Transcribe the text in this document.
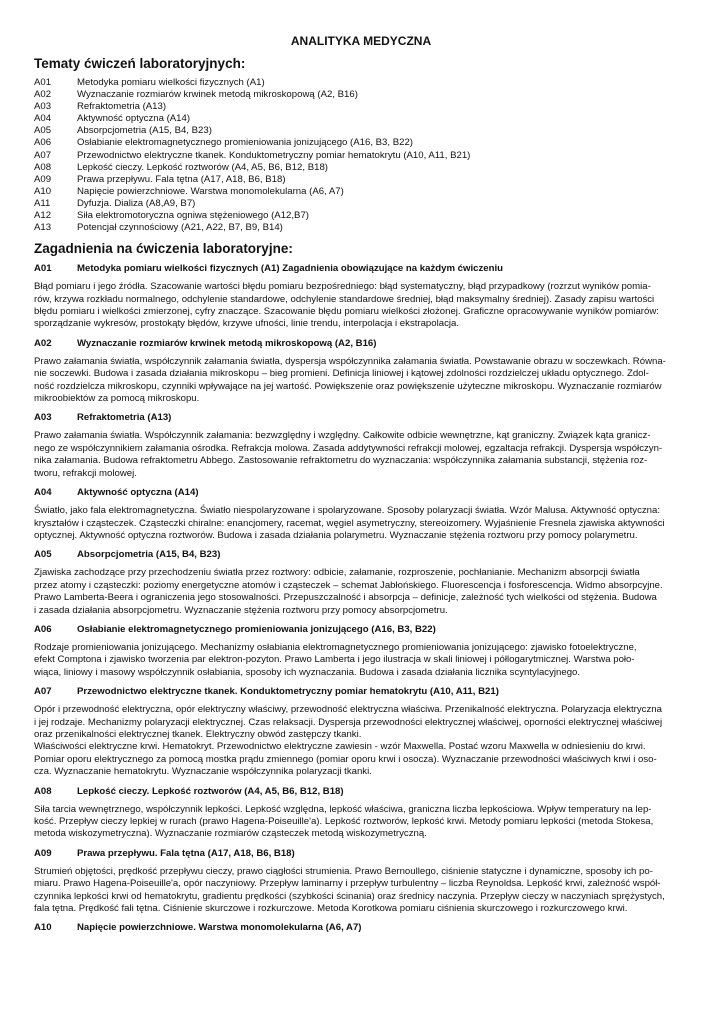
ANALITYKA MEDYCZNA
Tematy ćwiczeń laboratoryjnych:
A01	Metodyka pomiaru wielkości fizycznych (A1)
A02	Wyznaczanie rozmiarów krwinek metodą mikroskopową (A2, B16)
A03	Refraktometria (A13)
A04	Aktywność optyczna (A14)
A05	Absorpcjometria (A15, B4, B23)
A06	Osłabianie elektromagnetycznego promieniowania jonizującego (A16, B3, B22)
A07	Przewodnictwo elektryczne tkanek. Konduktometryczny pomiar hematokrytu (A10, A11, B21)
A08	Lepkość cieczy. Lepkość roztworów (A4, A5, B6, B12, B18)
A09	Prawa przepływu. Fala tętna (A17, A18, B6, B18)
A10	Napięcie powierzchniowe. Warstwa monomolekularna (A6, A7)
A11	Dyfuzja. Dializa (A8,A9, B7)
A12	Siła elektromotoryczna ogniwa stężeniowego (A12,B7)
A13	Potencjał czynnościowy (A21, A22, B7, B9, B14)
Zagadnienia na ćwiczenia laboratoryjne:
A01	Metodyka pomiaru wielkości fizycznych (A1) Zagadnienia obowiązujące na każdym ćwiczeniu

Błąd pomiaru i jego źródła. Szacowanie wartości błędu pomiaru bezpośredniego: błąd systematyczny, błąd przypadkowy (rozrzut wyników pomia-
rów, krzywa rozkładu normalnego, odchylenie standardowe, odchylenie standardowe średniej, błąd maksymalny średniej). Zasady zapisu wartości
błędu pomiaru i wielkości zmierzonej, cyfry znaczące. Szacowanie błędu pomiaru wielkości złożonej. Graficzne opracowywanie wyników pomiarów:
sporządzanie wykresów, prostokąty błędów, krzywe ufności, linie trendu, interpolacja i ekstrapolacja.

A02	Wyznaczanie rozmiarów krwinek metodą mikroskopową (A2, B16)

Prawo załamania światła, współczynnik załamania światła, dyspersja współczynnika załamania światła. Powstawanie obrazu w soczewkach. Równa-
nie soczewki. Budowa i zasada działania mikroskopu – bieg promieni. Definicja liniowej i kątowej zdolności rozdzielczej układu optycznego. Zdol-
ność rozdzielcza mikroskopu, czynniki wpływające na jej wartość. Powiększenie oraz powiększenie użyteczne mikroskopu. Wyznaczanie rozmiarów
mikroobiektów za pomocą mikroskopu.

A03	Refraktometria (A13)

Prawo załamania światła. Współczynnik załamania: bezwzględny i względny. Całkowite odbicie wewnętrzne, kąt graniczny. Związek kąta granicz-
nego ze współczynnikiem załamania ośrodka. Refrakcja molowa. Zasada addytywności refrakcji molowej, egzaltacja refrakcji. Dyspersja współczyn-
nika załamania. Budowa refraktometru Abbego. Zastosowanie refraktometru do wyznaczania: współczynnika załamania substancji, stężenia roz-
tworu, refrakcji molowej.

A04	Aktywność optyczna (A14)

Światło, jako fala elektromagnetyczna. Światło niespolaryzowane i spolaryzowane. Sposoby polaryzacji światła. Wzór Malusa. Aktywność optyczna:
kryształów i cząsteczek. Cząsteczki chiralne: enancjomery, racemat, węgiel asymetryczny, stereoizomery. Wyjaśnienie Fresnela zjawiska aktywności
optycznej. Aktywność optyczna roztworów. Budowa i zasada działania polarymetru. Wyznaczanie stężenia roztworu przy pomocy polarymetru.

A05	Absorpcjometria (A15, B4, B23)

Zjawiska zachodzące przy przechodzeniu światła przez roztwory: odbicie, załamanie, rozproszenie, pochłanianie. Mechanizm absorpcji światła
przez atomy i cząsteczki: poziomy energetyczne atomów i cząsteczek – schemat Jabłońskiego. Fluorescencja i fosforescencja. Widmo absorpcyjne.
Prawo Lamberta-Beera i ograniczenia jego stosowalności. Przepuszczalność i absorpcja – definicje, zależność tych wielkości od stężenia. Budowa
i zasada działania absorpcjometru. Wyznaczanie stężenia roztworu przy pomocy absorpcjometru.

A06	Osłabianie elektromagnetycznego promieniowania jonizującego (A16, B3, B22)

Rodzaje promieniowania jonizującego. Mechanizmy osłabiania elektromagnetycznego promieniowania jonizującego: zjawisko fotoelektryczne,
efekt Comptona i zjawisko tworzenia par elektron-pozyton. Prawo Lamberta i jego ilustracja w skali liniowej i półlogarytmicznej. Warstwa poło-
wiąca, liniowy i masowy współczynnik osłabiania, sposoby ich wyznaczania. Budowa i zasada działania licznika scyntylacyjnego.

A07	Przewodnictwo elektryczne tkanek. Konduktometryczny pomiar hematokrytu (A10, A11, B21)

Opór i przewodność elektryczna, opór elektryczny właściwy, przewodność elektryczna właściwa. Przenikalność elektryczna. Polaryzacja elektryczna
i jej rodzaje. Mechanizmy polaryzacji elektrycznej. Czas relaksacji. Dyspersja przewodności elektrycznej właściwej, oporności elektrycznej właściwej
oraz przenikalności elektrycznej tkanek. Elektryczny obwód zastępczy tkanki.

Właściwości elektryczne krwi. Hematokryt. Przewodnictwo elektryczne zawiesin - wzór Maxwella. Postać wzoru Maxwella w odniesieniu do krwi.
Pomiar oporu elektrycznego za pomocą mostka prądu zmiennego (pomiar oporu krwi i osocza). Wyznaczanie przewodności właściwych krwi i oso-
cza. Wyznaczanie hematokrytu. Wyznaczanie współczynnika polaryzacji tkanki.

A08	Lepkość cieczy. Lepkość roztworów (A4, A5, B6, B12, B18)

Siła tarcia wewnętrznego, współczynnik lepkości. Lepkość względna, lepkość właściwa, graniczna liczba lepkościowa. Wpływ temperatury na lep-
kość. Przepływ cieczy lepkiej w rurach (prawo Hagena-Poiseuille'a). Lepkość roztworów, lepkość krwi. Metody pomiaru lepkości (metoda Stokesa,
metoda wiskozymetryczna). Wyznaczanie rozmiarów cząsteczek metodą wiskozymetryczną.

A09	Prawa przepływu. Fala tętna (A17, A18, B6, B18)

Strumień objętości, prędkość przepływu cieczy, prawo ciągłości strumienia. Prawo Bernoullego, ciśnienie statyczne i dynamiczne, sposoby ich po-
miaru. Prawo Hagena-Poiseuille'a, opór naczyniowy. Przepływ laminarny i przepływ turbulentny – liczba Reynoldsa. Lepkość krwi, zależność współ-
czynnika lepkości krwi od hematokrytu, gradientu prędkości (szybkości ścinania) oraz średnicy naczynia. Przepływ cieczy w naczyniach sprężystych,
fala tętna. Prędkość fali tętna. Ciśnienie skurczowe i rozkurczowe. Metoda Korotkowa pomiaru ciśnienia skurczowego i rozkurczowego krwi.

A10	Napięcie powierzchniowe. Warstwa monomolekularna (A6, A7)
